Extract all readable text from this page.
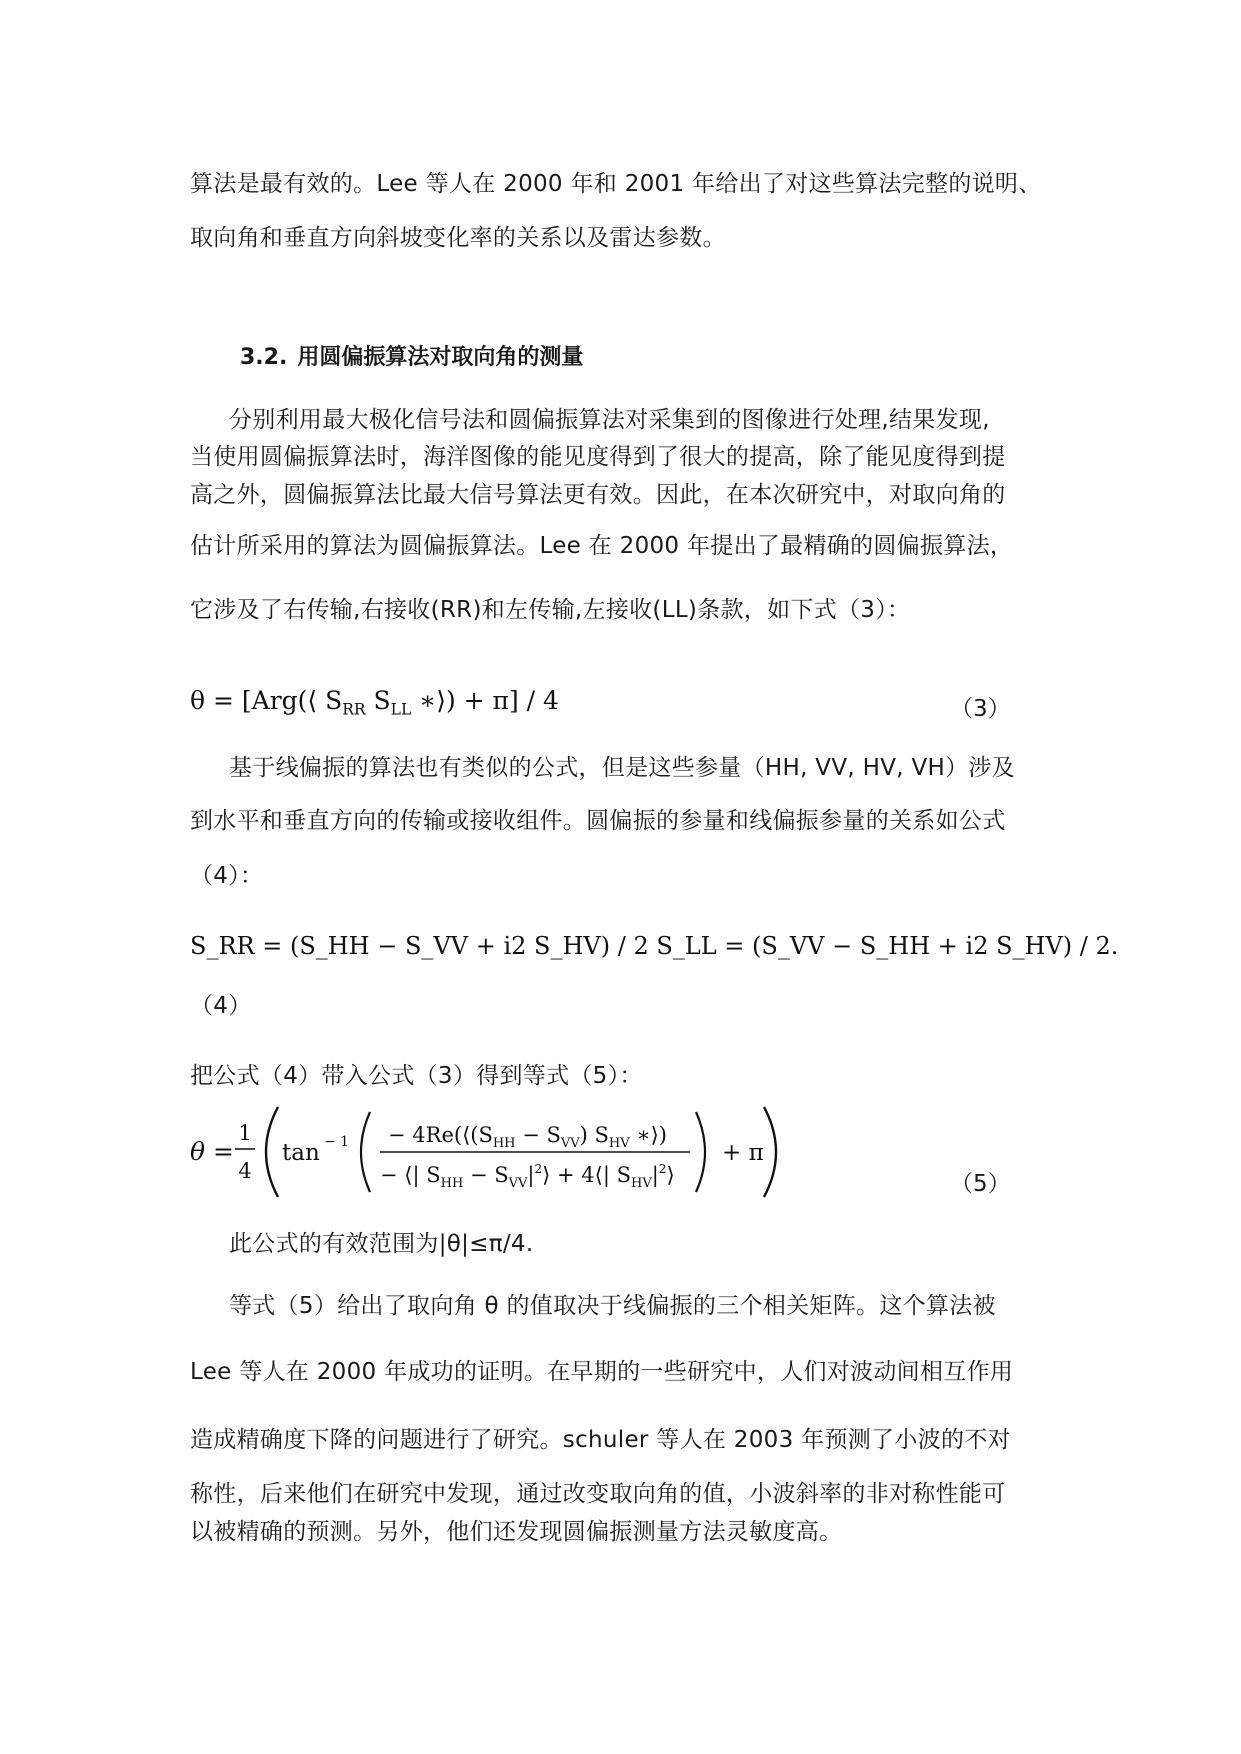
算法是最有效的。Lee 等人在 2000 年和 2001 年给出了对这些算法完整的说明、
取向角和垂直方向斜坡变化率的关系以及雷达参数。
3.2. 用圆偏振算法对取向角的测量
分别利用最大极化信号法和圆偏振算法对采集到的图像进行处理,结果发现,
当使用圆偏振算法时，海洋图像的能见度得到了很大的提高，除了能见度得到提
高之外，圆偏振算法比最大信号算法更有效。因此，在本次研究中，对取向角的
估计所采用的算法为圆偏振算法。Lee 在 2000 年提出了最精确的圆偏振算法，
它涉及了右传输,右接收(RR)和左传输,左接收(LL)条款，如下式（3）：
θ = [Arg(⟨ $S_{RR}$ $S_{LL}$ ∗⟩) + π] / 4	（3）
基于线偏振的算法也有类似的公式，但是这些参量（HH, VV, HV, VH）涉及
到水平和垂直方向的传输或接收组件。圆偏振的参量和线偏振参量的关系如公式
（4）：
S_RR = (S_HH − S_VV + i2 S_HV) / 2 S_LL = (S_VV − S_HH + i2 S_HV) / 2.
（4）
把公式（4）带入公式（3）得到等式（5）：
θ =
1
4
$\tan - 1 - 4Re(⟨(S_{HH} - S_{VV})$ $S_{HV}$ ∗⟩)
− ⟨| $S_{HH}$ − $S_{VV}|^2⟩$ + 4⟨| $S_{HV}|^2⟩$
+ π
（5）
此公式的有效范围为|θ|≤π/4.
等式（5）给出了取向角 θ 的值取决于线偏振的三个相关矩阵。这个算法被
Lee 等人在 2000 年成功的证明。在早期的一些研究中，人们对波动间相互作用
造成精确度下降的问题进行了研究。schuler 等人在 2003 年预测了小波的不对
称性，后来他们在研究中发现，通过改变取向角的值，小波斜率的非对称性能可
以被精确的预测。另外，他们还发现圆偏振测量方法灵敏度高。
